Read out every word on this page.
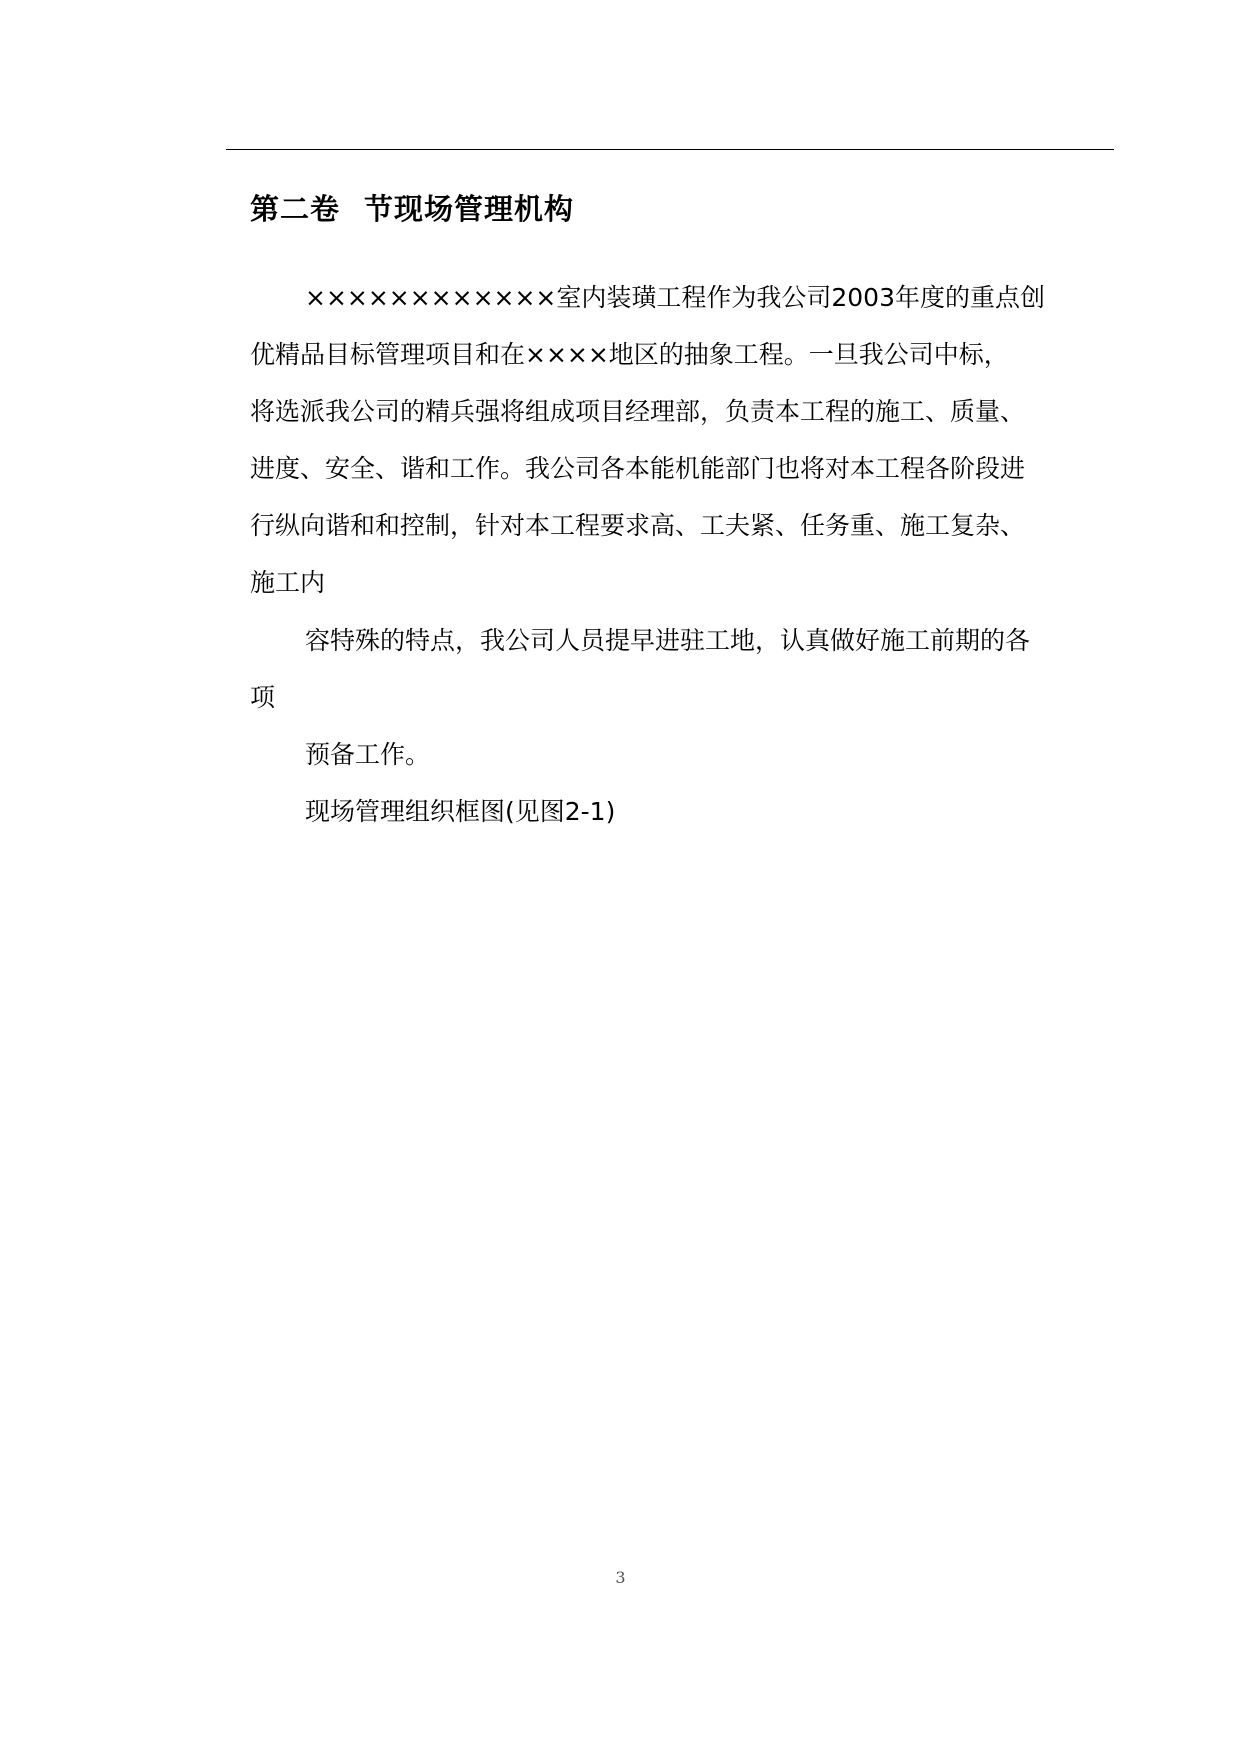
第二卷 节现场管理机构
××××××××××××室内装璜工程作为我公司2003年度的重点创
优精品目标管理项目和在××××地区的抽象工程。一旦我公司中标，
将选派我公司的精兵强将组成项目经理部，负责本工程的施工、质量、
进度、安全、谐和工作。我公司各本能机能部门也将对本工程各阶段进
行纵向谐和和控制，针对本工程要求高、工夫紧、任务重、施工复杂、
施工内
容特殊的特点，我公司人员提早进驻工地，认真做好施工前期的各
项
预备工作。
现场管理组织框图(见图2-1)
3
